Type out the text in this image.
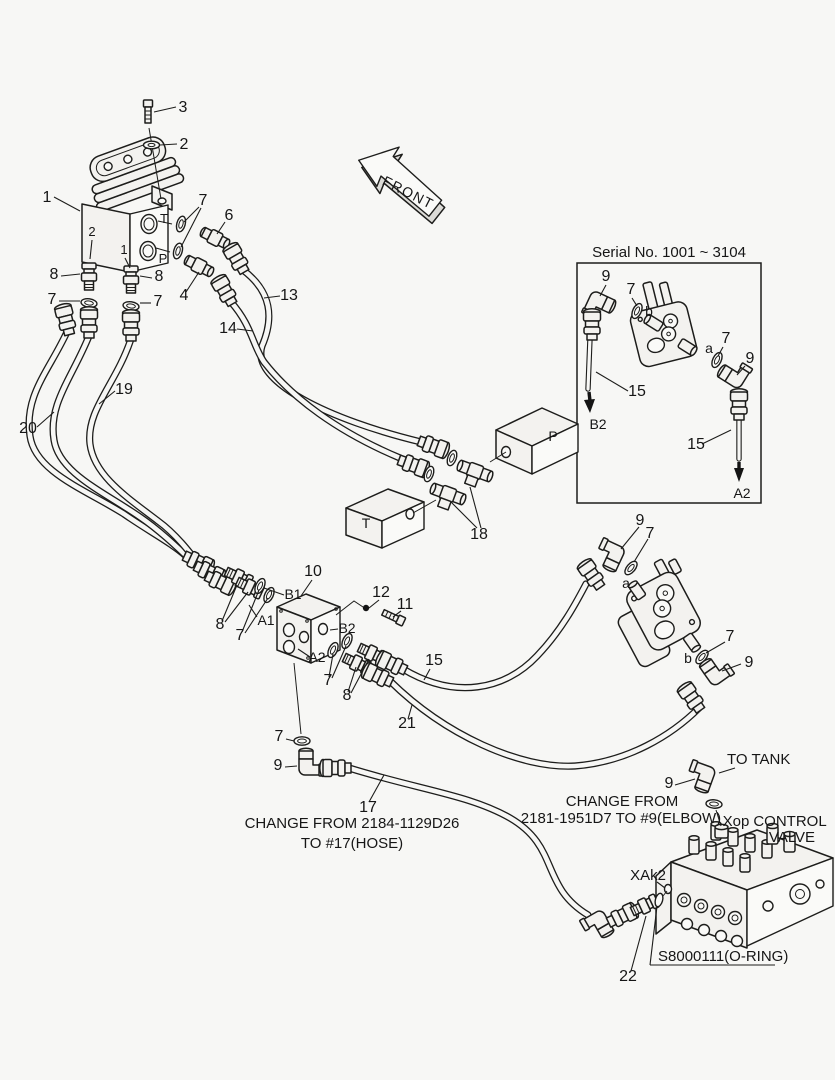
FRONT
Serial No. 1001 ~ 3104
3
2
1	7
6
T
P
2
1
8	8
7	7 4	13
14
19
20	P
T
18
10
B1
A1
12
11
B2
A2
8
7
7
8
15
21
7
9
17
9
7
a
7
b	9
9
XAk2
22
9
7
b
a
7
9
15
B2
15
A2
CHANGE FROM 2184-1129D26
TO #17(HOSE)
TO TANK
CHANGE FROM
2181-1951D7 TO #9(ELBOW) Xop CONTROL
VALVE
S8000111(O-RING)
